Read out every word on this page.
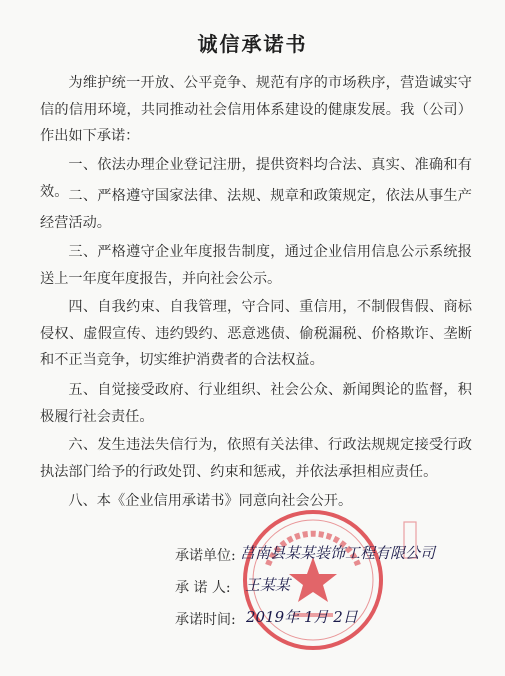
诚信承诺书
为维护统一开放、公平竞争、规范有序的市场秩序，营造诚实守信的信用环境，共同推动社会信用体系建设的健康发展。我（公司）作出如下承诺：
一、依法办理企业登记注册，提供资料均合法、真实、准确和有效。 二、严格遵守国家法律、法规、规章和政策规定，依法从事生产经营活动。
三、严格遵守企业年度报告制度，通过企业信用信息公示系统报送上一年度年度报告，并向社会公示。
四、自我约束、自我管理，守合同、重信用，不制假售假、商标侵权、虚假宣传、违约毁约、恶意逃债、偷税漏税、价格欺诈、垄断和不正当竞争，切实维护消费者的合法权益。
五、自觉接受政府、行业组织、社会公众、新闻舆论的监督，积极履行社会责任。
六、发生违法失信行为，依照有关法律、行政法规规定接受行政执法部门给予的行政处罚、约束和惩戒，并依法承担相应责任。
八、本《企业信用承诺书》同意向社会公开。
承诺单位: 莒南县某某装饰工程有限公司
承 诺 人: 王某某
承诺时间: 2019年 1月 2日
